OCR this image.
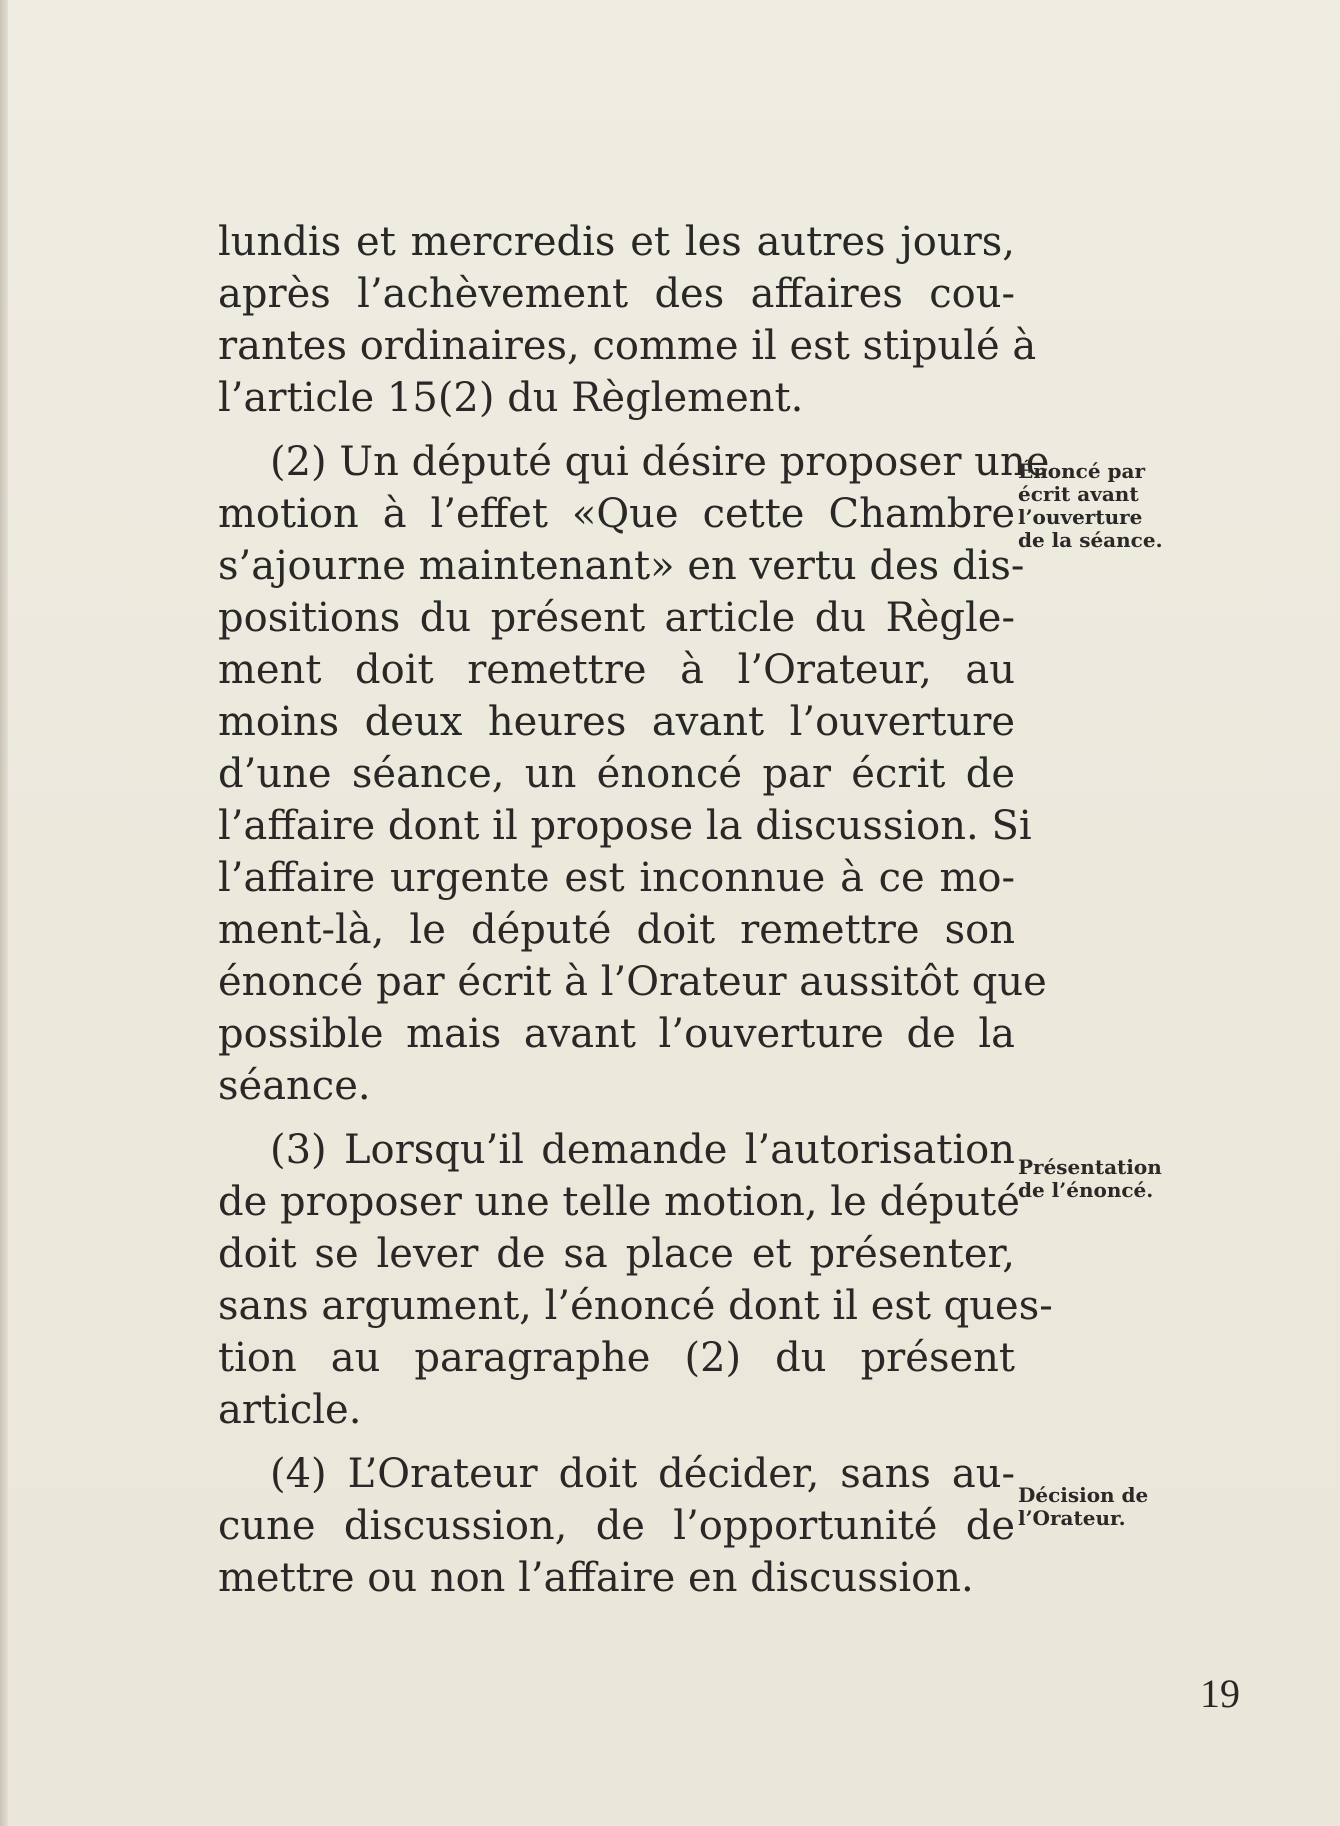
lundis et mercredis et les autres jours,
après l’achèvement des affaires cou-
rantes ordinaires, comme il est stipulé à
l’article 15(2) du Règlement.
(2) Un député qui désire proposer une
motion à l’effet «Que cette Chambre
s’ajourne maintenant» en vertu des dis-
positions du présent article du Règle-
ment doit remettre à l’Orateur, au
moins deux heures avant l’ouverture
d’une séance, un énoncé par écrit de
l’affaire dont il propose la discussion. Si
l’affaire urgente est inconnue à ce mo-
ment-là, le député doit remettre son
énoncé par écrit à l’Orateur aussitôt que
possible mais avant l’ouverture de la
séance.
(3) Lorsqu’il demande l’autorisation
de proposer une telle motion, le député
doit se lever de sa place et présenter,
sans argument, l’énoncé dont il est ques-
tion au paragraphe (2) du présent
article.
(4) L’Orateur doit décider, sans au-
cune discussion, de l’opportunité de
mettre ou non l’affaire en discussion.
Énoncé par
écrit avant
l’ouverture
de la séance.
Présentation
de l’énoncé.
Décision de
l’Orateur.
19
